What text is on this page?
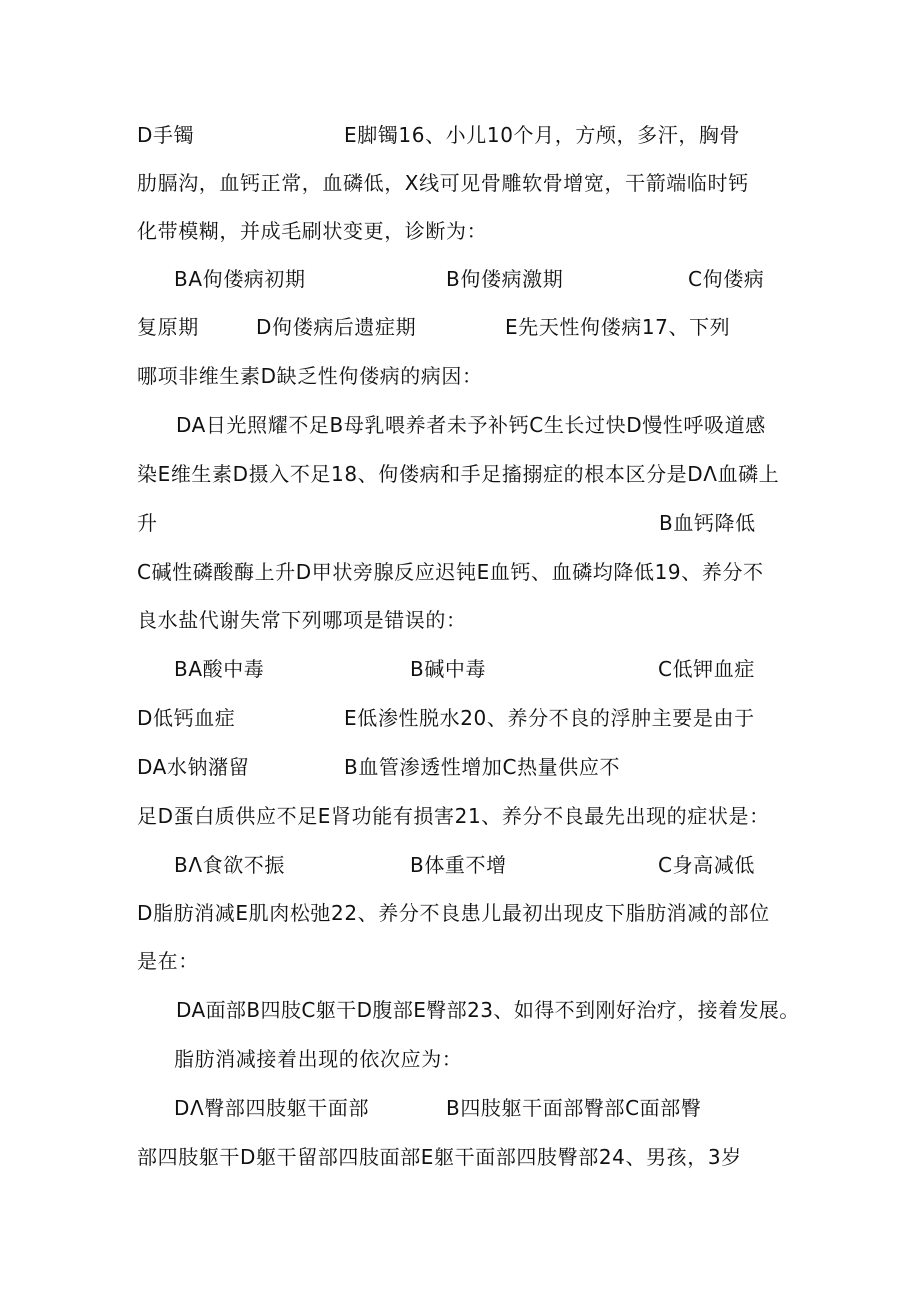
D手镯	E脚镯16、小儿10个月，方颅，多汗，胸骨
肋膈沟，血钙正常，血磷低，X线可见骨雕软骨增宽，干箭端临时钙
化带模糊，并成毛刷状变更，诊断为：
BA佝偻病初期	B佝偻病激期	C佝偻病
复原期	D佝偻病后遗症期	E先天性佝偻病17、下列
哪项非维生素D缺乏性佝偻病的病因：
DA日光照耀不足B母乳喂养者未予补钙C生长过快D慢性呼吸道感
染E维生素D摄入不足18、佝偻病和手足搐搦症的根本区分是DΛ血磷上
升	B血钙降低
C碱性磷酸酶上升D甲状旁腺反应迟钝E血钙、血磷均降低19、养分不
良水盐代谢失常下列哪项是错误的：
BA酸中毒	B碱中毒	C低钾血症
D低钙血症	E低渗性脱水20、养分不良的浮肿主要是由于
DA水钠潴留	B血管渗透性增加C热量供应不
足D蛋白质供应不足E肾功能有损害21、养分不良最先出现的症状是：
BΛ食欲不振	B体重不增	C身高减低
D脂肪消减E肌肉松弛22、养分不良患儿最初出现皮下脂肪消减的部位
是在：
DA面部B四肢C躯干D腹部E臀部23、如得不到刚好治疗，接着发展。
脂肪消减接着出现的依次应为：
DΛ臀部四肢躯干面部	B四肢躯干面部臀部C面部臀
部四肢躯干D躯干留部四肢面部E躯干面部四肢臀部24、男孩，3岁
